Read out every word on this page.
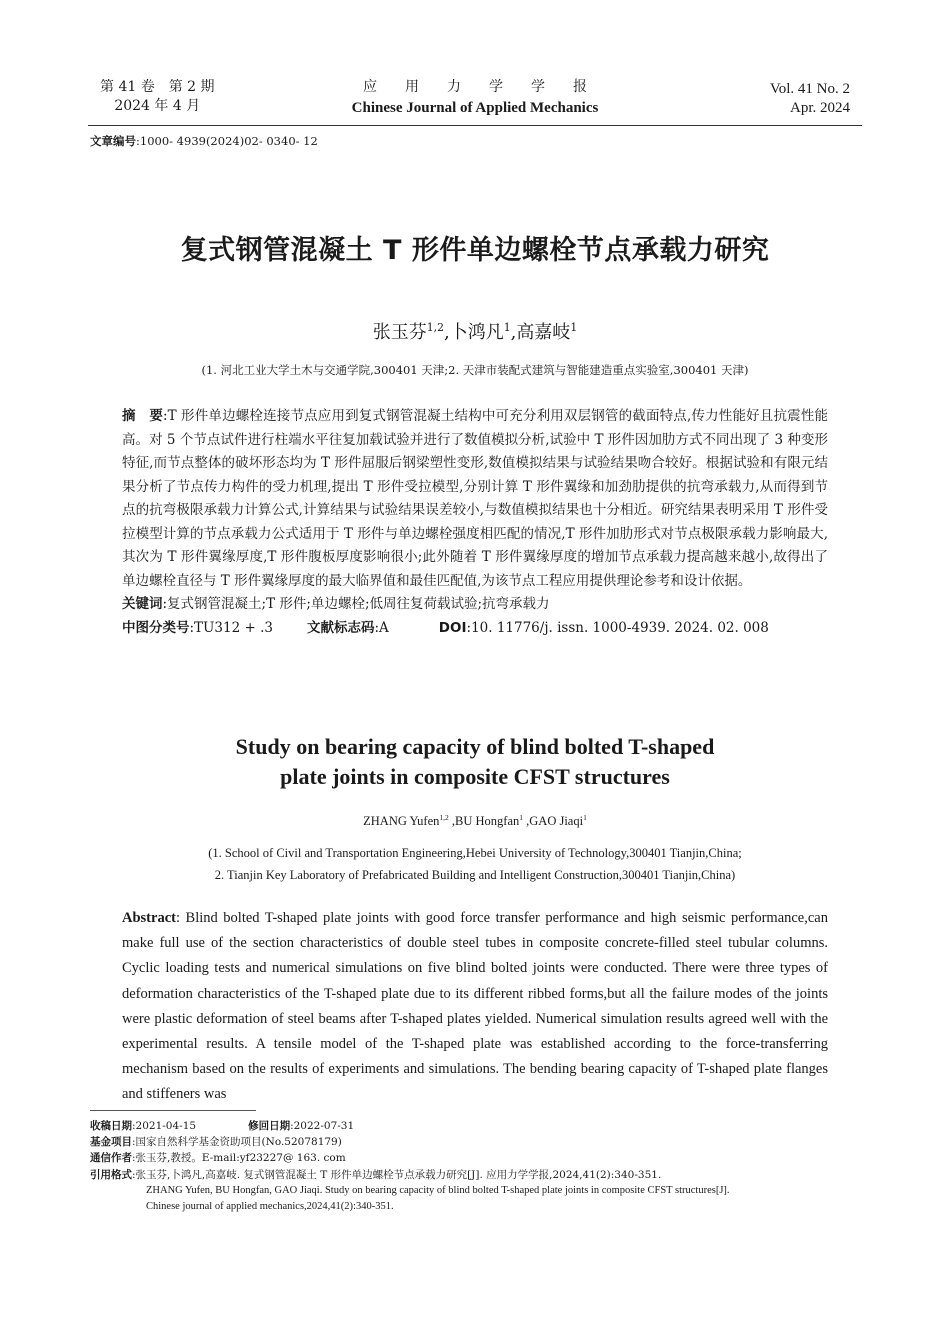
第 41 卷　第 2 期
2024 年 4 月
应　　用　　力　　学　　学　　报
Chinese Journal of Applied Mechanics
Vol. 41 No. 2
Apr. 2024
文章编号:1000- 4939(2024)02- 0340- 12
复式钢管混凝土 T 形件单边螺栓节点承载力研究
张玉芬$^{1,2}$,卜鸿凡$^1$,高嘉岐$^1$
(1. 河北工业大学土木与交通学院,300401 天津;2. 天津市装配式建筑与智能建造重点实验室,300401 天津)

摘　要:T 形件单边螺栓连接节点应用到复式钢管混凝土结构中可充分利用双层钢管的截面特点,传力性能好且抗震性能高。对 5 个节点试件进行柱端水平往复加载试验并进行了数值模拟分析,试验中 T 形件因加肋方式不同出现了 3 种变形特征,而节点整体的破坏形态均为 T 形件屈服后钢梁塑性变形,数值模拟结果与试验结果吻合较好。根据试验和有限元结果分析了节点传力构件的受力机理,提出 T 形件受拉模型,分别计算 T 形件翼缘和加劲肋提供的抗弯承载力,从而得到节点的抗弯极限承载力计算公式,计算结果与试验结果误差较小,与数值模拟结果也十分相近。研究结果表明采用 T 形件受拉模型计算的节点承载力公式适用于 T 形件与单边螺栓强度相匹配的情况,T 形件加肋形式对节点极限承载力影响最大,其次为 T 形件翼缘厚度,T 形件腹板厚度影响很小;此外随着 T 形件翼缘厚度的增加节点承载力提高越来越小,故得出了单边螺栓直径与 T 形件翼缘厚度的最大临界值和最佳匹配值,为该节点工程应用提供理论参考和设计依据。

关键词:复式钢管混凝土;T 形件;单边螺栓;低周往复荷载试验;抗弯承载力

中图分类号:TU312 + .3	文献标志码:A	DOI:10. 11776/j. issn. 1000-4939. 2024. 02. 008

Study on bearing capacity of blind bolted T-shaped
plate joints in composite CFST structures
ZHANG Yufen$^{1,2}$ ,BU Hongfan$^1$ ,GAO Jiaqi$^1$
(1. School of Civil and Transportation Engineering,Hebei University of Technology,300401 Tianjin,China;
2. Tianjin Key Laboratory of Prefabricated Building and Intelligent Construction,300401 Tianjin,China)
Abstract: Blind bolted T-shaped plate joints with good force transfer performance and high seismic performance,can make full use of the section characteristics of double steel tubes in composite concrete-filled steel tubular columns. Cyclic loading tests and numerical simulations on five blind bolted joints were conducted. There were three types of deformation characteristics of the T-shaped plate due to its different ribbed forms,but all the failure modes of the joints were plastic deformation of steel beams after T-shaped plates yielded. Numerical simulation results agreed well with the experimental results. A tensile model of the T-shaped plate was established according to the force-transferring mechanism based on the results of experiments and simulations. The bending bearing capacity of T-shaped plate flanges and stiffeners was
收稿日期:2021-04-15	修回日期:2022-07-31
基金项目:国家自然科学基金资助项目(No.52078179)
通信作者:张玉芬,教授。E-mail:yf23227@ 163. com
引用格式:张玉芬,卜鸿凡,高嘉岐. 复式钢管混凝土 T 形件单边螺栓节点承载力研究[J]. 应用力学学报,2024,41(2):340-351.
ZHANG Yufen, BU Hongfan, GAO Jiaqi. Study on bearing capacity of blind bolted T-shaped plate joints in composite CFST structures[J].
Chinese journal of applied mechanics,2024,41(2):340-351.
